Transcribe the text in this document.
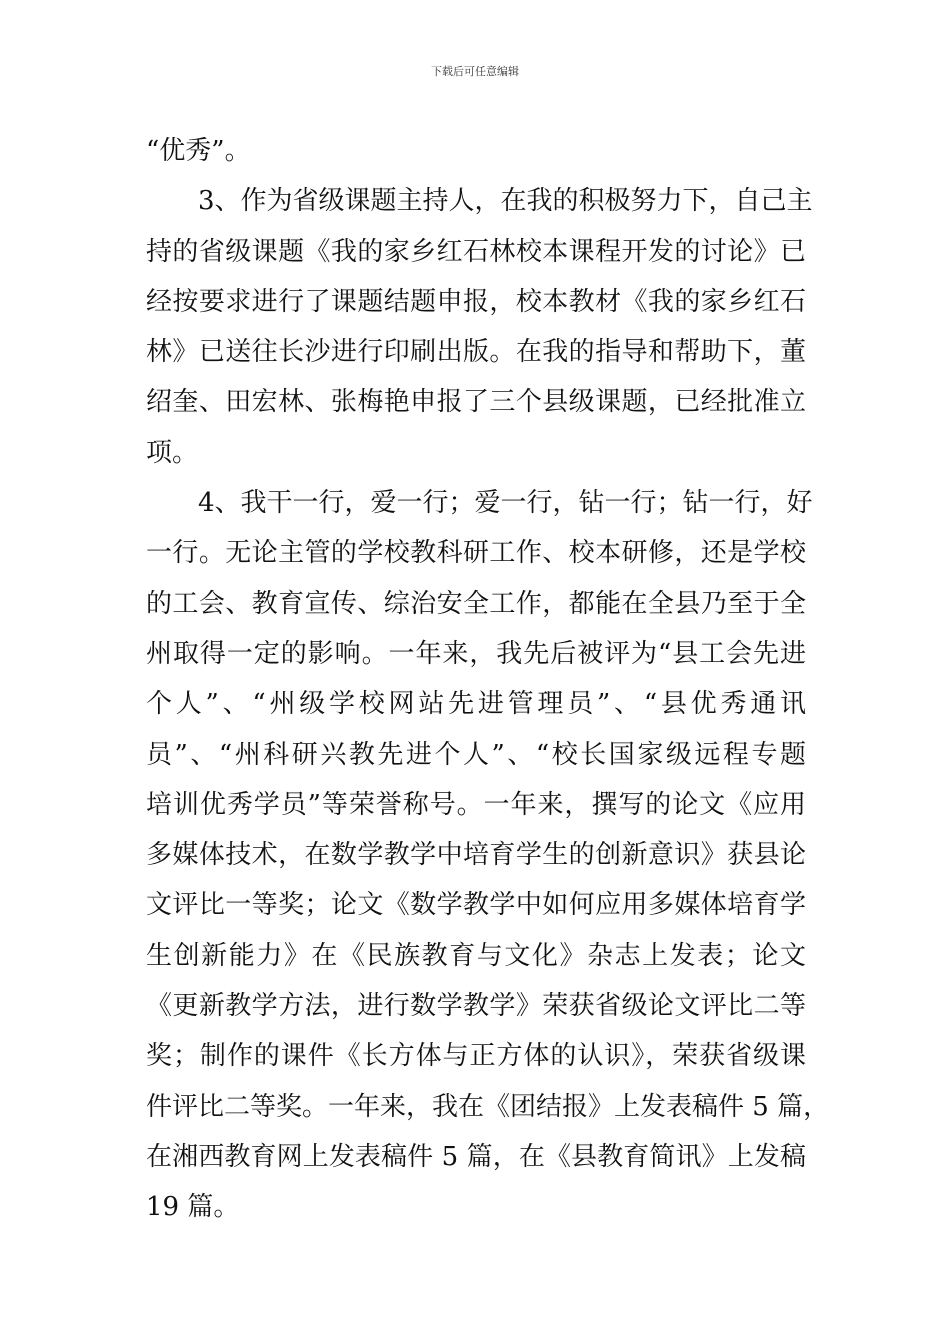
下载后可任意编辑
“优秀”。
3、作为省级课题主持人，在我的积极努力下，自己主
持的省级课题《我的家乡红石林校本课程开发的讨论》已
经按要求进行了课题结题申报，校本教材《我的家乡红石
林》已送往长沙进行印刷出版。在我的指导和帮助下，董
绍奎、田宏林、张梅艳申报了三个县级课题，已经批准立
项。
4、我干一行，爱一行；爱一行，钻一行；钻一行，好
一行。无论主管的学校教科研工作、校本研修，还是学校
的工会、教育宣传、综治安全工作，都能在全县乃至于全
州取得一定的影响。一年来，我先后被评为“县工会先进
个人”、“州级学校网站先进管理员”、“县优秀通讯
员”、“州科研兴教先进个人”、“校长国家级远程专题
培训优秀学员”等荣誉称号。一年来，撰写的论文《应用
多媒体技术，在数学教学中培育学生的创新意识》获县论
文评比一等奖；论文《数学教学中如何应用多媒体培育学
生创新能力》在《民族教育与文化》杂志上发表；论文
《更新教学方法，进行数学教学》荣获省级论文评比二等
奖；制作的课件《长方体与正方体的认识》，荣获省级课
件评比二等奖。一年来，我在《团结报》上发表稿件 5 篇，
在湘西教育网上发表稿件 5 篇，在《县教育简讯》上发稿
19 篇。
